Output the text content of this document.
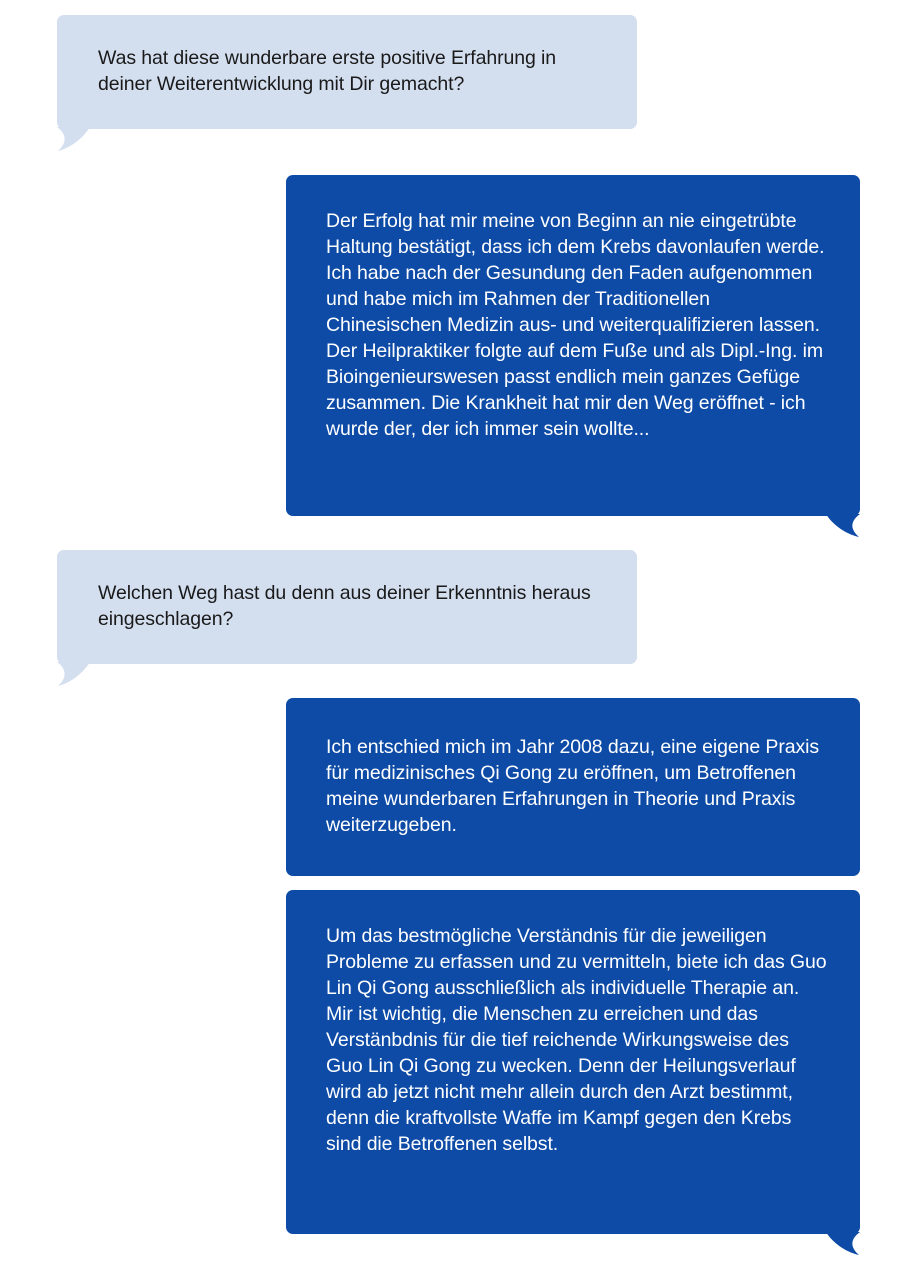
Was hat diese wunderbare erste positive Erfahrung in deiner Weiterentwicklung mit Dir gemacht?

Der Erfolg hat mir meine von Beginn an nie eingetrübte Haltung bestätigt, dass ich dem Krebs davonlaufen werde. Ich habe nach der Gesundung den Faden aufgenommen und habe mich im Rahmen der Traditionellen Chinesischen Medizin aus- und weiterqualifizieren lassen. Der Heilpraktiker folgte auf dem Fuße und als Dipl.-Ing. im Bioingenieurswesen passt endlich mein ganzes Gefüge zusammen. Die Krankheit hat mir den Weg eröffnet - ich wurde der, der ich immer sein wollte...

Welchen Weg hast du denn aus deiner Erkenntnis heraus eingeschlagen?

Ich entschied mich im Jahr 2008 dazu, eine eigene Praxis für medizinisches Qi Gong zu eröffnen, um Betroffenen meine wunderbaren Erfahrungen in Theorie und Praxis weiterzugeben.

Um das bestmögliche Verständnis für die jeweiligen Probleme zu erfassen und zu vermitteln, biete ich das Guo Lin Qi Gong ausschließlich als individuelle Therapie an. Mir ist wichtig, die Menschen zu erreichen und das Verstänbdnis für die tief reichende Wirkungsweise des Guo Lin Qi Gong zu wecken. Denn der Heilungsverlauf wird ab jetzt nicht mehr allein durch den Arzt bestimmt, denn die kraftvollste Waffe im Kampf gegen den Krebs sind die Betroffenen selbst.
